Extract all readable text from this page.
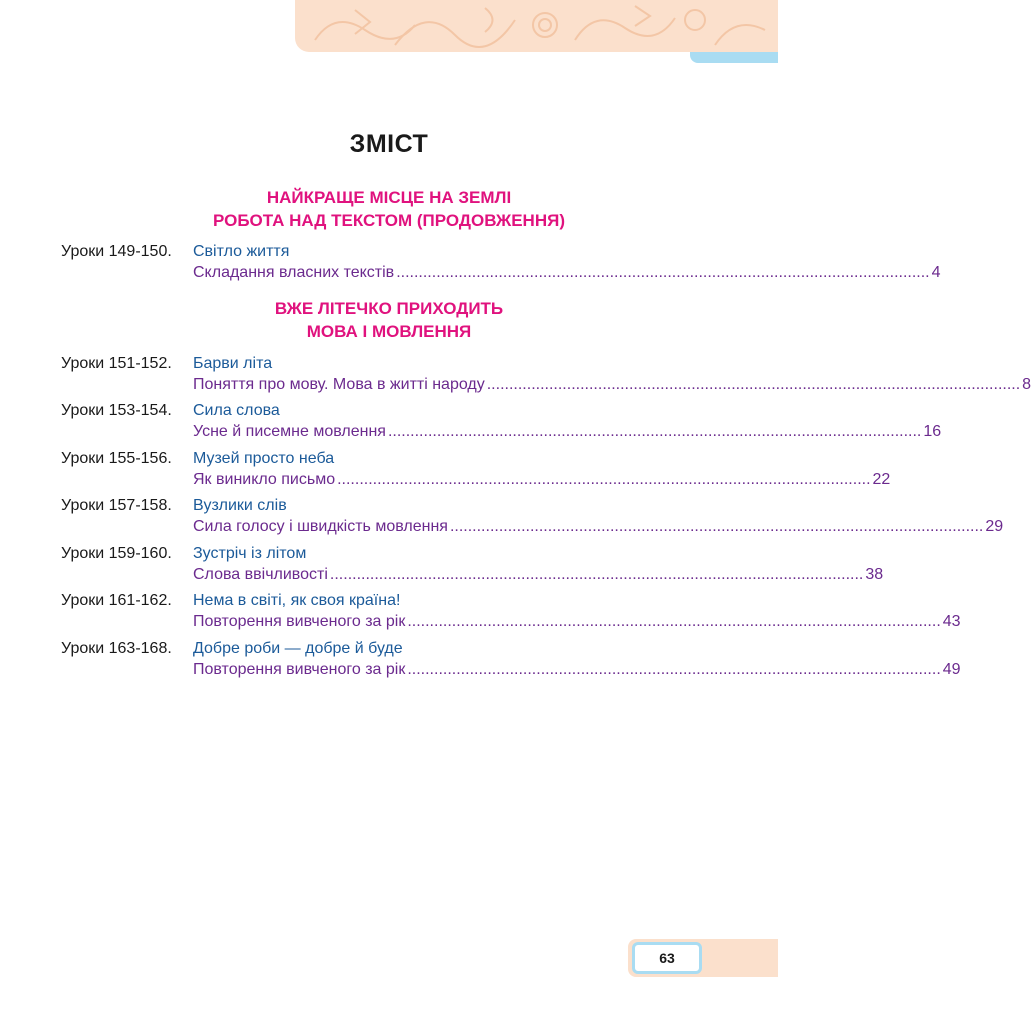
ЗМІСТ
НАЙКРАЩЕ МІСЦЕ НА ЗЕМЛІ
РОБОТА НАД ТЕКСТОМ (ПРОДОВЖЕННЯ)
Уроки 149-150.	Світло життя
Складання власних текстів ........................................................................................................................ 4
ВЖЕ ЛІТЕЧКО ПРИХОДИТЬ
МОВА І МОВЛЕННЯ
Уроки 151-152.	Барви літа
Поняття про мову. Мова в житті народу ........................................................................................................................ 8
Уроки 153-154.	Сила слова
Усне й писемне мовлення ........................................................................................................................ 16
Уроки 155-156.	Музей просто неба
Як виникло письмо ........................................................................................................................ 22
Уроки 157-158.	Вузлики слів
Сила голосу і швидкість мовлення ........................................................................................................................ 29
Уроки 159-160.	Зустріч із літом
Слова ввічливості ........................................................................................................................ 38
Уроки 161-162.	Нема в світі, як своя країна!
Повторення вивченого за рік ........................................................................................................................ 43
Уроки 163-168.	Добре роби — добре й буде
Повторення вивченого за рік ........................................................................................................................ 49
63
